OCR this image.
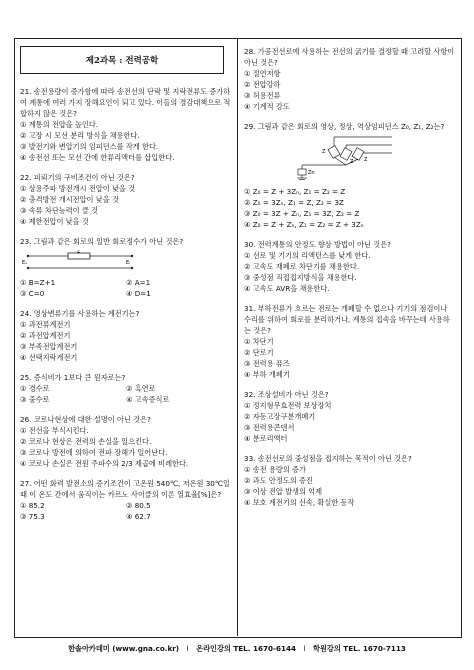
제2과목 : 전력공학

21. 송전용량이 증가함에 따라 송전선의 단락 및 지락전류도 증가하여 계통에 여러 가지 장해요인이 되고 있다. 이들의 경감대책으로 적합하지 않은 것은?

① 계통의 전압을 높인다.

② 고장 시 모선 분리 방식을 채용한다.

③ 발전기와 변압기의 임피던스를 작게 한다.

④ 송전선 또는 모선 간에 한류리액터를 삽입한다.

22. 피뢰기의 구비조건이 아닌 것은?

① 상용주파 방전개시 전압이 낮을 것

② 충격방전 개시전압이 낮을 것

③ 속류 차단능력이 클 것

④ 제한전압이 낮을 것

23. 그림과 같은 회로의 일반 회로정수가 아닌 것은?

Eₛ	Eᵣ
Z

① B=Z+1	② A=1

③ C=0	④ D=1

24. 영상변류기를 사용하는 계전기는?

① 과전류계전기

② 과전압계전기

③ 부족전압계전기

④ 선택지락계전기

25. 증식비가 1보다 큰 원자로는?

① 경수로	② 흑연로

③ 중수로	④ 고속증식로

26. 코로나현상에 대한 설명이 아닌 것은?

① 전선을 부식시킨다.

② 코로나 현상은 전력의 손실을 일으킨다.

③ 코로나 방전에 의하여 전파 장해가 일어난다.

④ 코로나 손실은 전원 주파수의 2/3 제곱에 비례한다.

27. 어떤 화력 발전소의 증기조건이 고온원 540℃, 저온원 30℃일 때 이 온도 간에서 움직이는 카르노 사이클의 이론 열효율[%]은?

① 85.2	② 80.5

③ 75.3	④ 62.7

28. 가공전선로에 사용하는 전선의 굵기를 결정할 때 고려할 사항이 아닌 것은?

① 절연저항

② 전압강하

③ 허용전류

④ 기계적 강도

29. 그림과 같은 회로의 영상, 정상, 역상임피던스 Z₀, Z₁, Z₂는?

Zn
Z
Z Z

① Z₀ = Z + 3Zₙ, Z₁ = Z₂ = Z

② Z₀ = 3Zₙ, Z₁ = Z, Z₂ = 3Z

③ Z₀ = 3Z + Zₙ, Z₁ = 3Z, Z₂ = Z

④ Z₀ = Z + Zₙ, Z₁ = Z₂ = Z + 3Zₙ

30. 전력계통의 안정도 향상 방법이 아닌 것은?

① 선로 및 기기의 리액턴스를 낮게 한다.

② 고속도 재폐로 차단기를 채용한다.

③ 중성점 직접접지방식을 채용한다.

④ 고속도 AVR을 채용한다.

31. 부하전류가 흐르는 전로는 개폐할 수 없으나 기기의 점검이나 수리를 위하여 회로를 분리하거나, 계통의 접속을 바꾸는데 사용하는 것은?

① 차단기

② 단로기

③ 전력용 퓨즈

④ 부하 개폐기

32. 조상설비가 아닌 것은?

① 정지형무효전력 보상장치

② 자동고장구분개폐기

③ 전력용콘덴서

④ 분로리액터

33. 송전선로의 중성점을 접지하는 목적이 아닌 것은?

① 송전 용량의 증가

② 과도 안정도의 증진

③ 이상 전압 발생의 억제

④ 보호 계전기의 신속, 확실한 동작

한솔아카데미 (www.gna.co.kr) l 온라인강의 TEL. 1670-6144 l 학원강의 TEL. 1670-7113
